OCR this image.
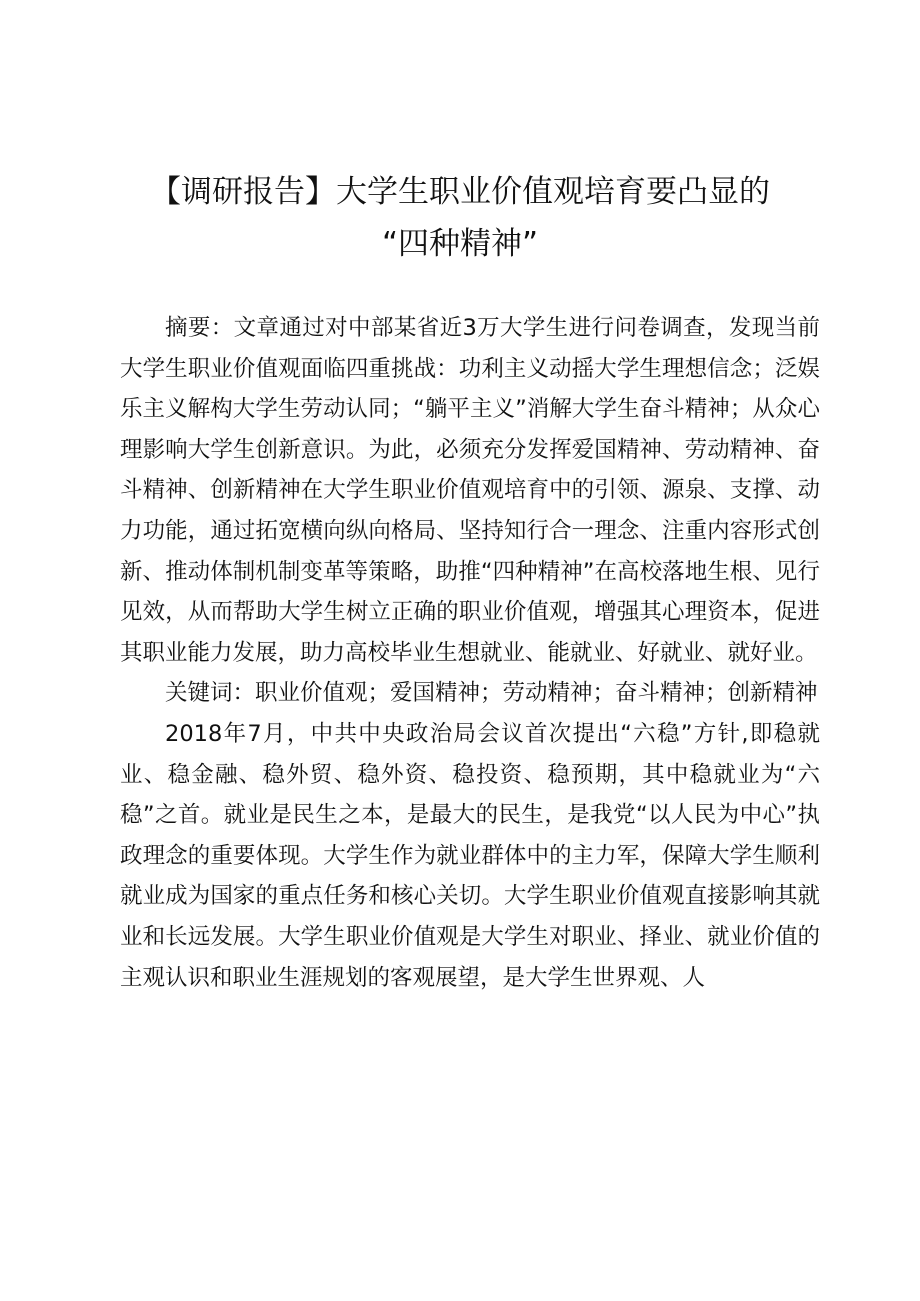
【调研报告】大学生职业价值观培育要凸显的
“四种精神”

摘要：文章通过对中部某省近3万大学生进行问卷调查，发现当前大学生职业价值观面临四重挑战：功利主义动摇大学生理想信念；泛娱乐主义解构大学生劳动认同；“躺平主义”消解大学生奋斗精神；从众心理影响大学生创新意识。为此，必须充分发挥爱国精神、劳动精神、奋斗精神、创新精神在大学生职业价值观培育中的引领、源泉、支撑、动力功能，通过拓宽横向纵向格局、坚持知行合一理念、注重内容形式创新、推动体制机制变革等策略，助推“四种精神”在高校落地生根、见行见效，从而帮助大学生树立正确的职业价值观，增强其心理资本，促进其职业能力发展，助力高校毕业生想就业、能就业、好就业、就好业。

关键词：职业价值观；爱国精神；劳动精神；奋斗精神；创新精神

2018年7月，中共中央政治局会议首次提出“六稳”方针,即稳就业、稳金融、稳外贸、稳外资、稳投资、稳预期，其中稳就业为“六稳”之首。就业是民生之本，是最大的民生，是我党“以人民为中心”执政理念的重要体现。大学生作为就业群体中的主力军，保障大学生顺利就业成为国家的重点任务和核心关切。大学生职业价值观直接影响其就业和长远发展。大学生职业价值观是大学生对职业、择业、就业价值的主观认识和职业生涯规划的客观展望，是大学生世界观、人
